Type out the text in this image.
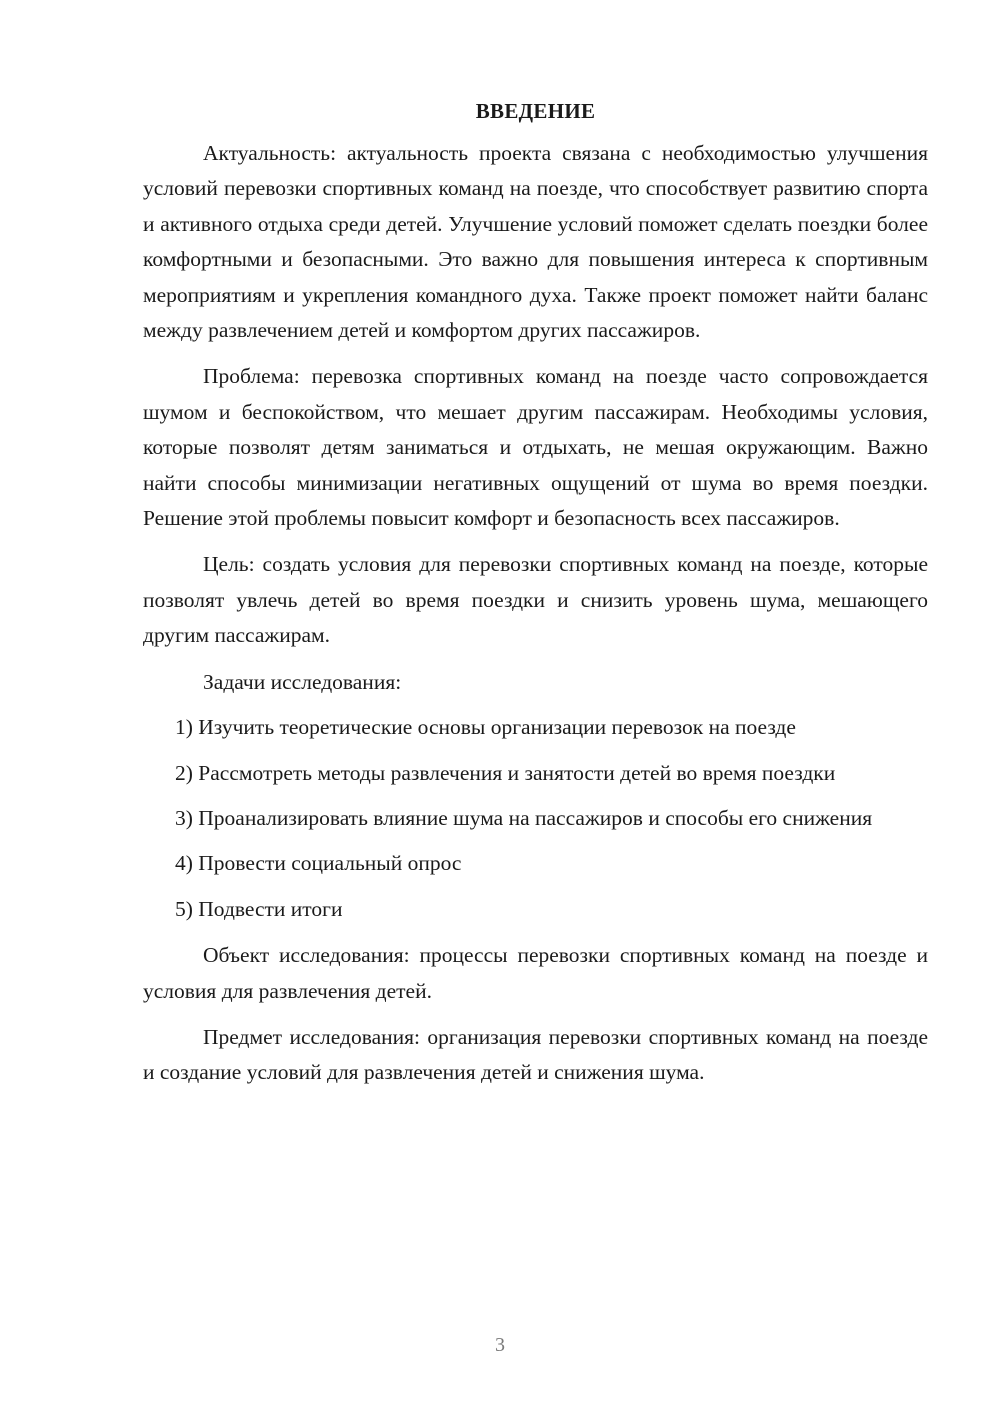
ВВЕДЕНИЕ

Актуальность: актуальность проекта связана с необходимостью улучшения условий перевозки спортивных команд на поезде, что способствует развитию спорта и активного отдыха среди детей. Улучшение условий поможет сделать поездки более комфортными и безопасными. Это важно для повышения интереса к спортивным мероприятиям и укрепления командного духа. Также проект поможет найти баланс между развлечением детей и комфортом других пассажиров.

Проблема: перевозка спортивных команд на поезде часто сопровождается шумом и беспокойством, что мешает другим пассажирам. Необходимы условия, которые позволят детям заниматься и отдыхать, не мешая окружающим. Важно найти способы минимизации негативных ощущений от шума во время поездки. Решение этой проблемы повысит комфорт и безопасность всех пассажиров.

Цель: создать условия для перевозки спортивных команд на поезде, которые позволят увлечь детей во время поездки и снизить уровень шума, мешающего другим пассажирам.

Задачи исследования:

1) Изучить теоретические основы организации перевозок на поезде

2) Рассмотреть методы развлечения и занятости детей во время поездки

3) Проанализировать влияние шума на пассажиров и способы его снижения

4) Провести социальный опрос

5) Подвести итоги

Объект исследования: процессы перевозки спортивных команд на поезде и условия для развлечения детей.

Предмет исследования: организация перевозки спортивных команд на поезде и создание условий для развлечения детей и снижения шума.

3
